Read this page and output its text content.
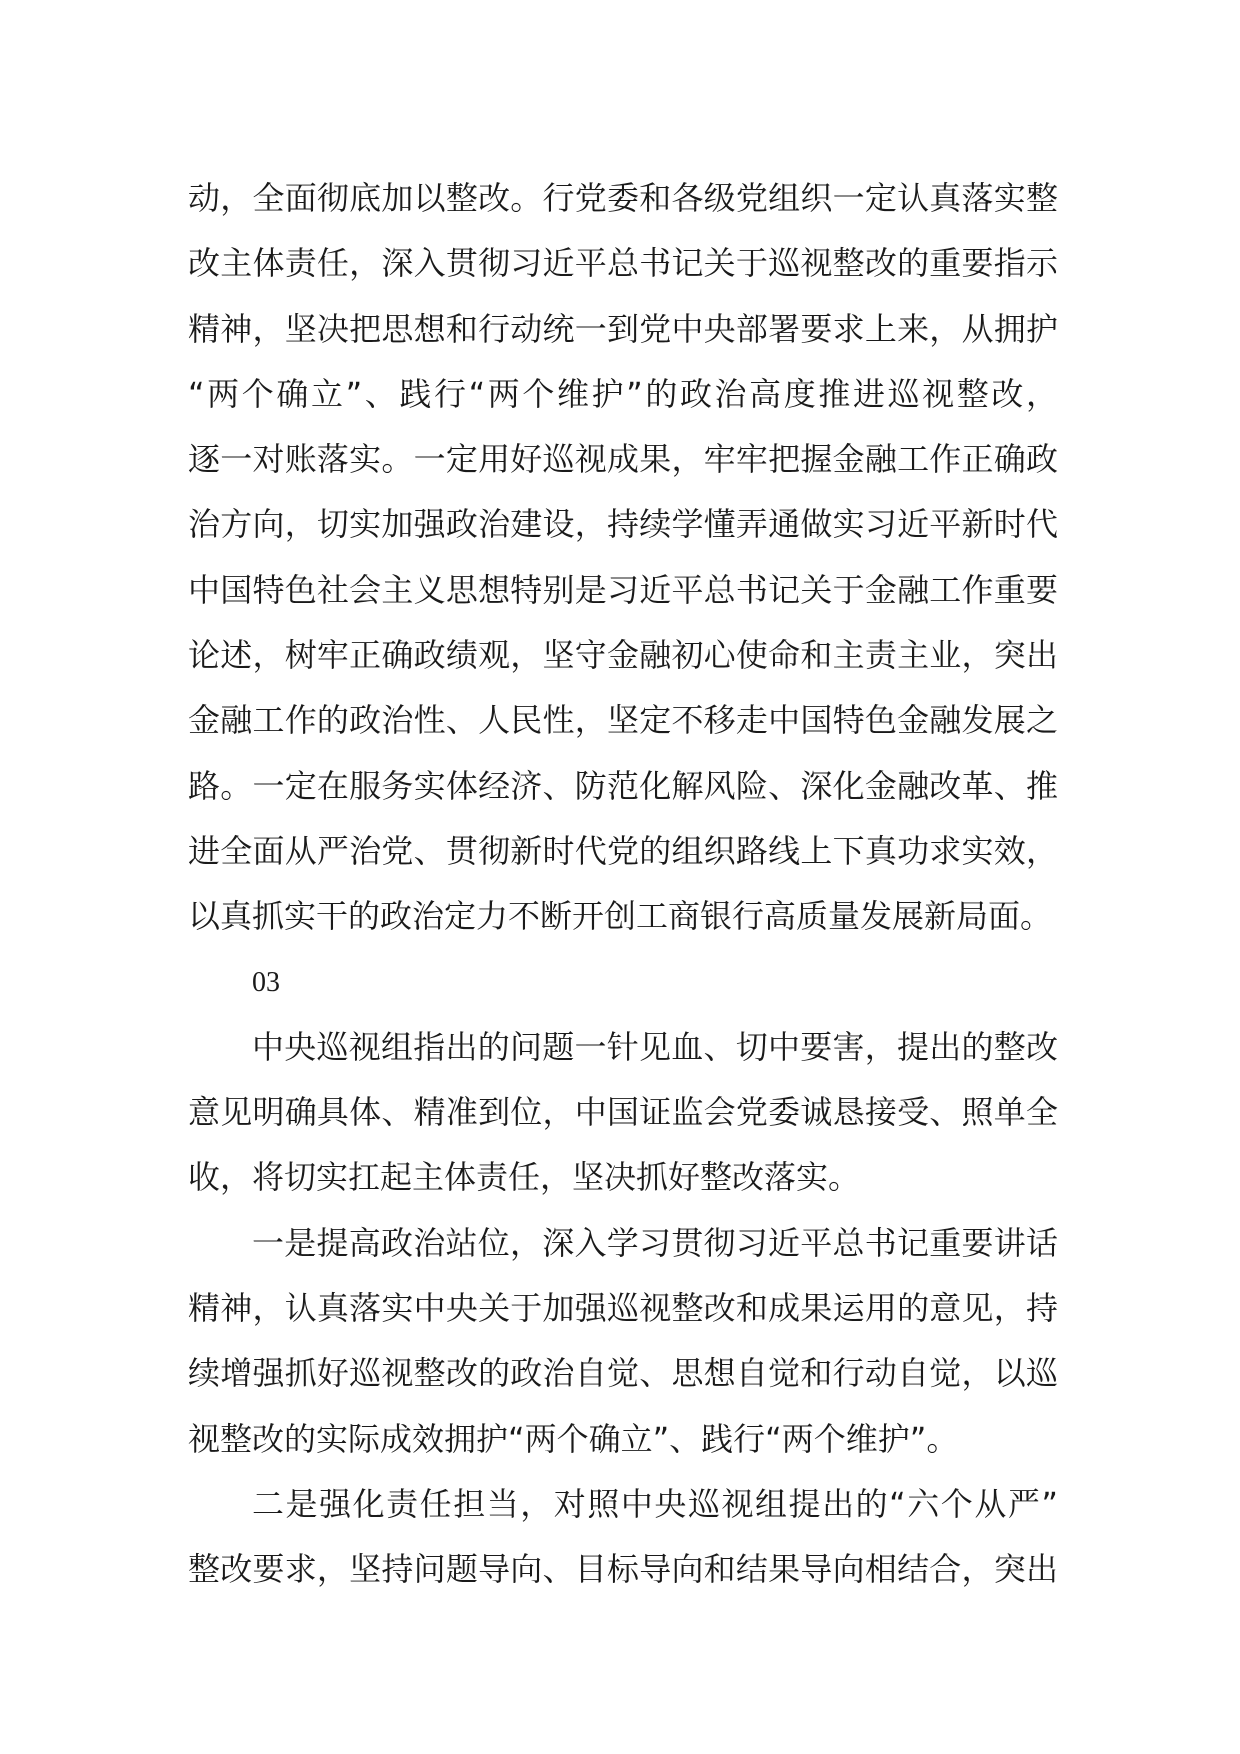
动，全面彻底加以整改。行党委和各级党组织一定认真落实整
改主体责任，深入贯彻习近平总书记关于巡视整改的重要指示
精神，坚决把思想和行动统一到党中央部署要求上来，从拥护
“两个确立”、践行“两个维护”的政治高度推进巡视整改，
逐一对账落实。一定用好巡视成果，牢牢把握金融工作正确政
治方向，切实加强政治建设，持续学懂弄通做实习近平新时代
中国特色社会主义思想特别是习近平总书记关于金融工作重要
论述，树牢正确政绩观，坚守金融初心使命和主责主业，突出
金融工作的政治性、人民性，坚定不移走中国特色金融发展之
路。一定在服务实体经济、防范化解风险、深化金融改革、推
进全面从严治党、贯彻新时代党的组织路线上下真功求实效，
以真抓实干的政治定力不断开创工商银行高质量发展新局面。
03
中央巡视组指出的问题一针见血、切中要害，提出的整改
意见明确具体、精准到位，中国证监会党委诚恳接受、照单全
收，将切实扛起主体责任，坚决抓好整改落实。
一是提高政治站位，深入学习贯彻习近平总书记重要讲话
精神，认真落实中央关于加强巡视整改和成果运用的意见，持
续增强抓好巡视整改的政治自觉、思想自觉和行动自觉，以巡
视整改的实际成效拥护“两个确立”、践行“两个维护”。
二是强化责任担当，对照中央巡视组提出的“六个从严”
整改要求，坚持问题导向、目标导向和结果导向相结合，突出
